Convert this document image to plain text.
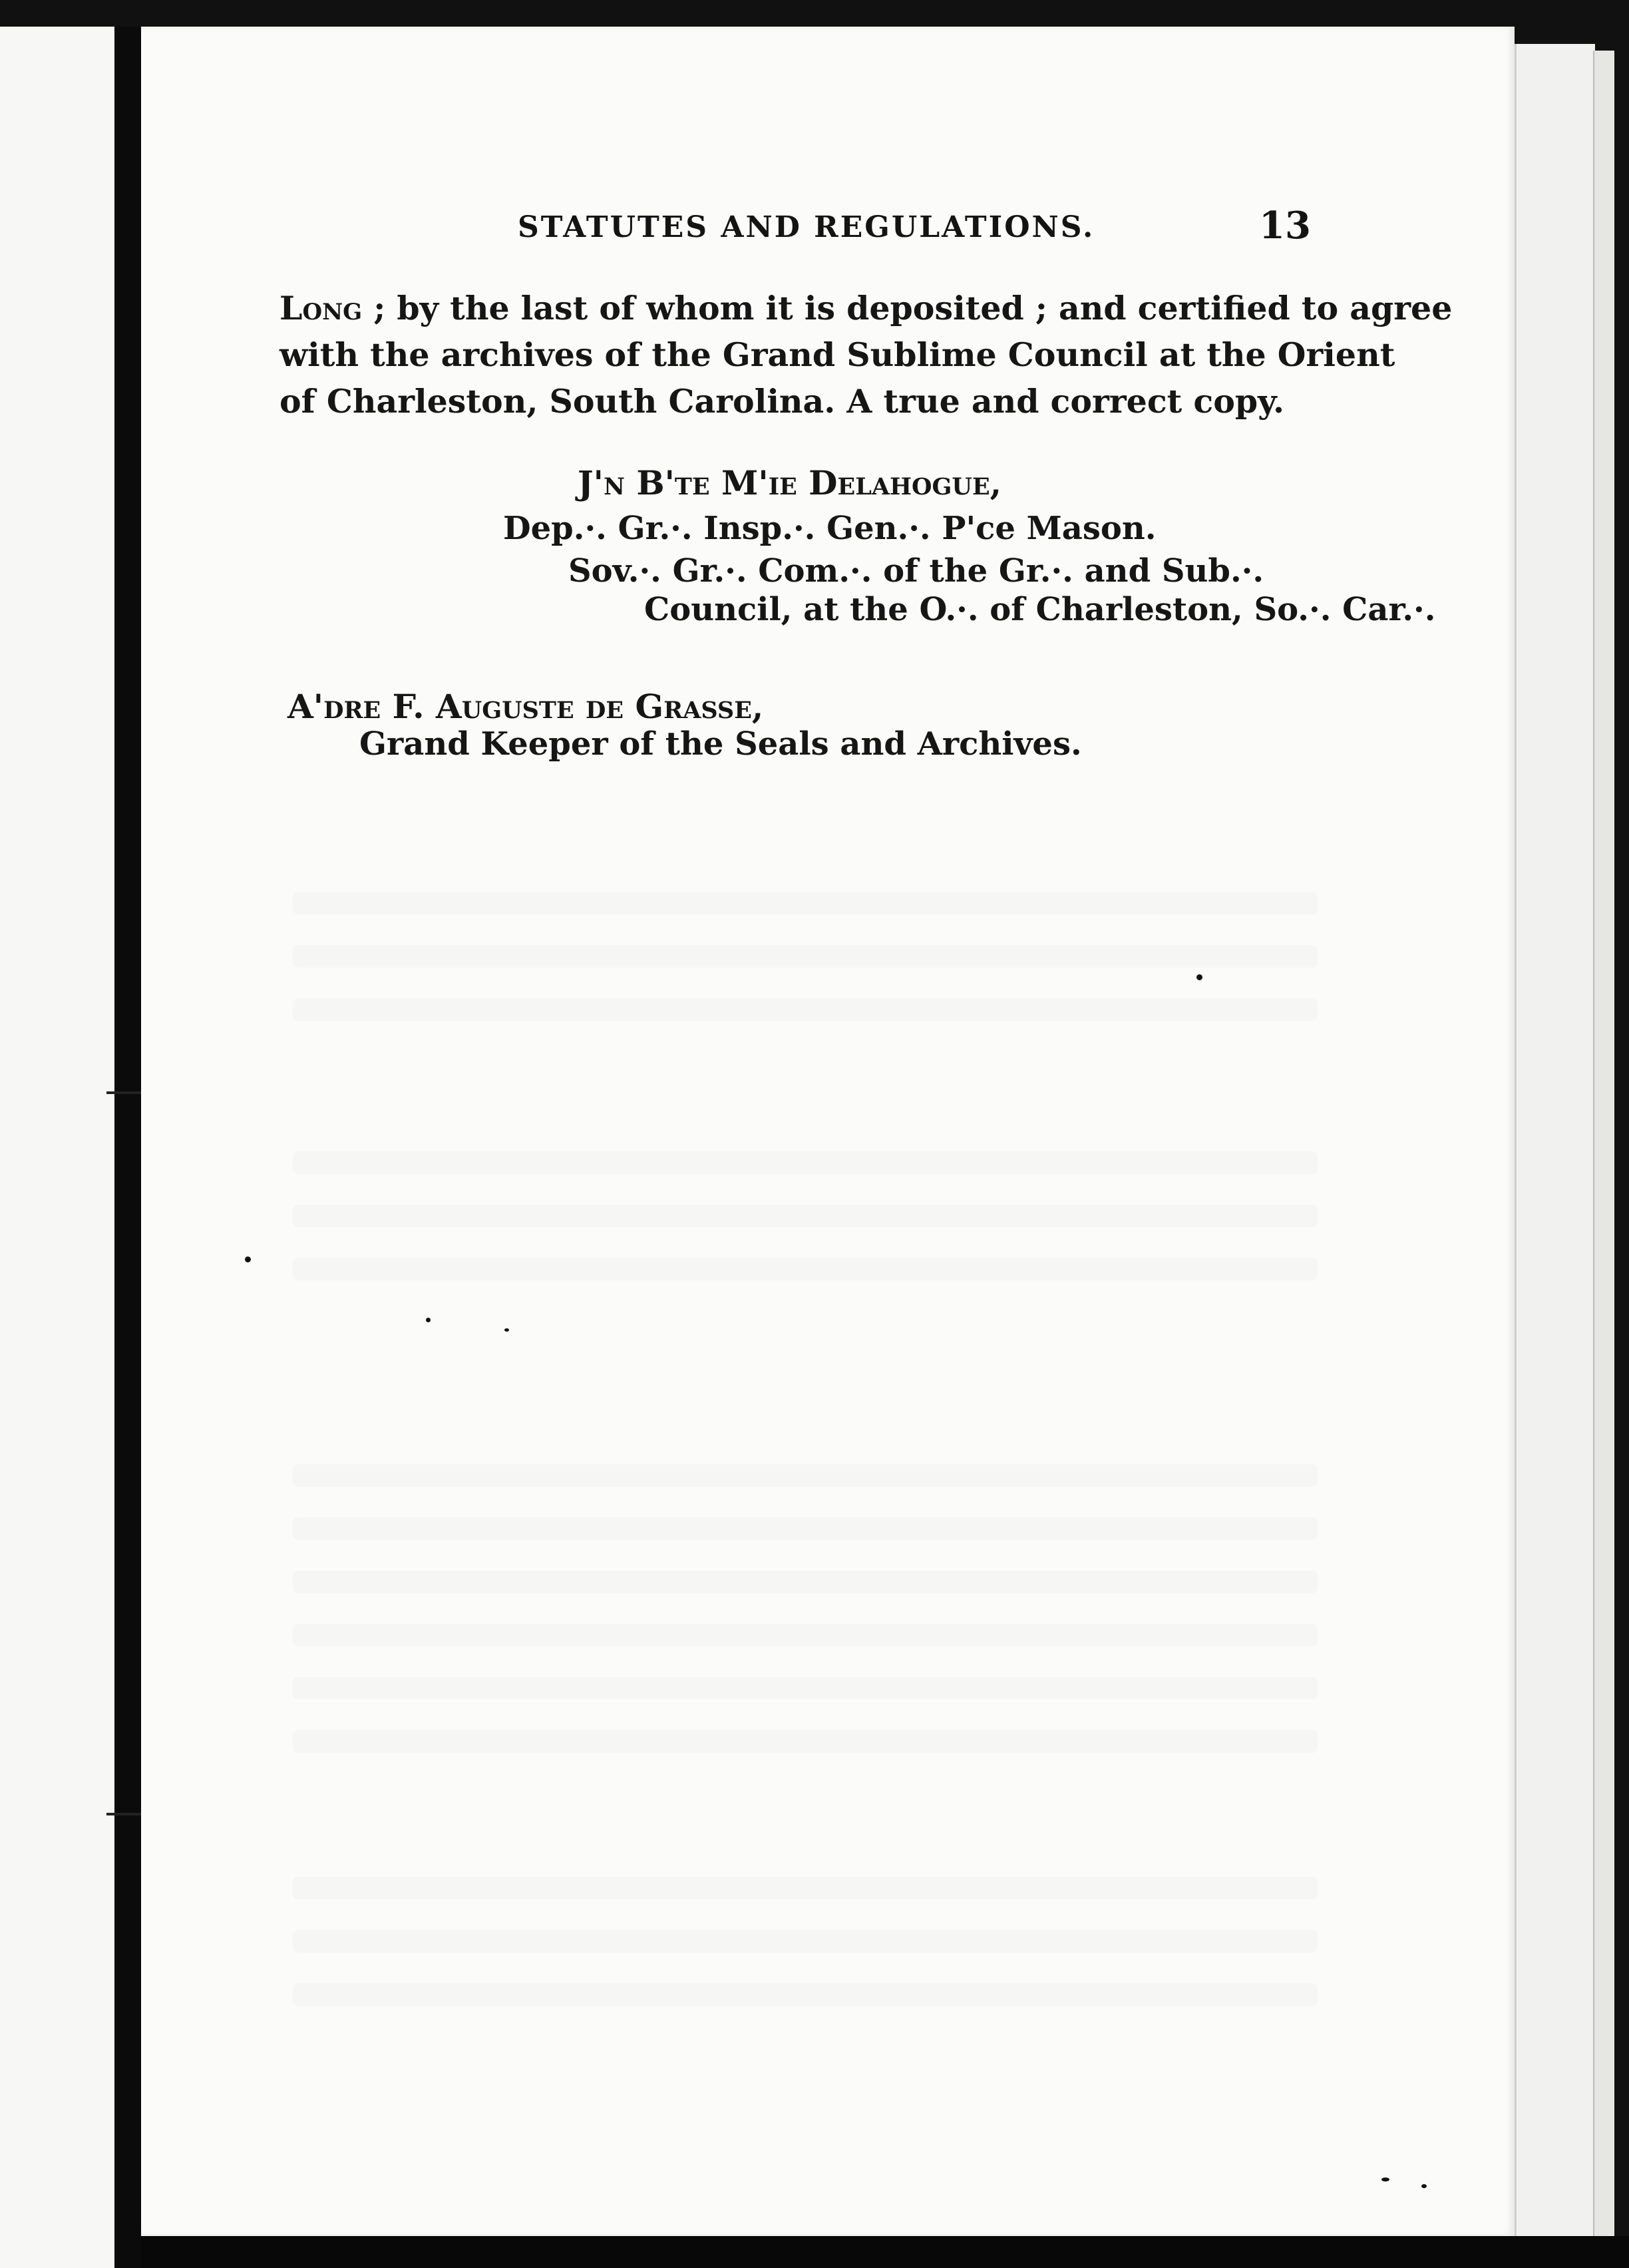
STATUTES AND REGULATIONS.	13
Long ; by the last of whom it is deposited ; and certified to agree
with the archives of the Grand Sublime Council at the Orient
of Charleston, South Carolina. A true and correct copy.
J'n B'te M'ie Delahogue,
Dep.·. Gr.·. Insp.·. Gen.·. P'ce Mason.
Sov.·. Gr.·. Com.·. of the Gr.·. and Sub.·.
Council, at the O.·. of Charleston, So.·. Car.·.
A'dre F. Auguste de Grasse,
Grand Keeper of the Seals and Archives.
